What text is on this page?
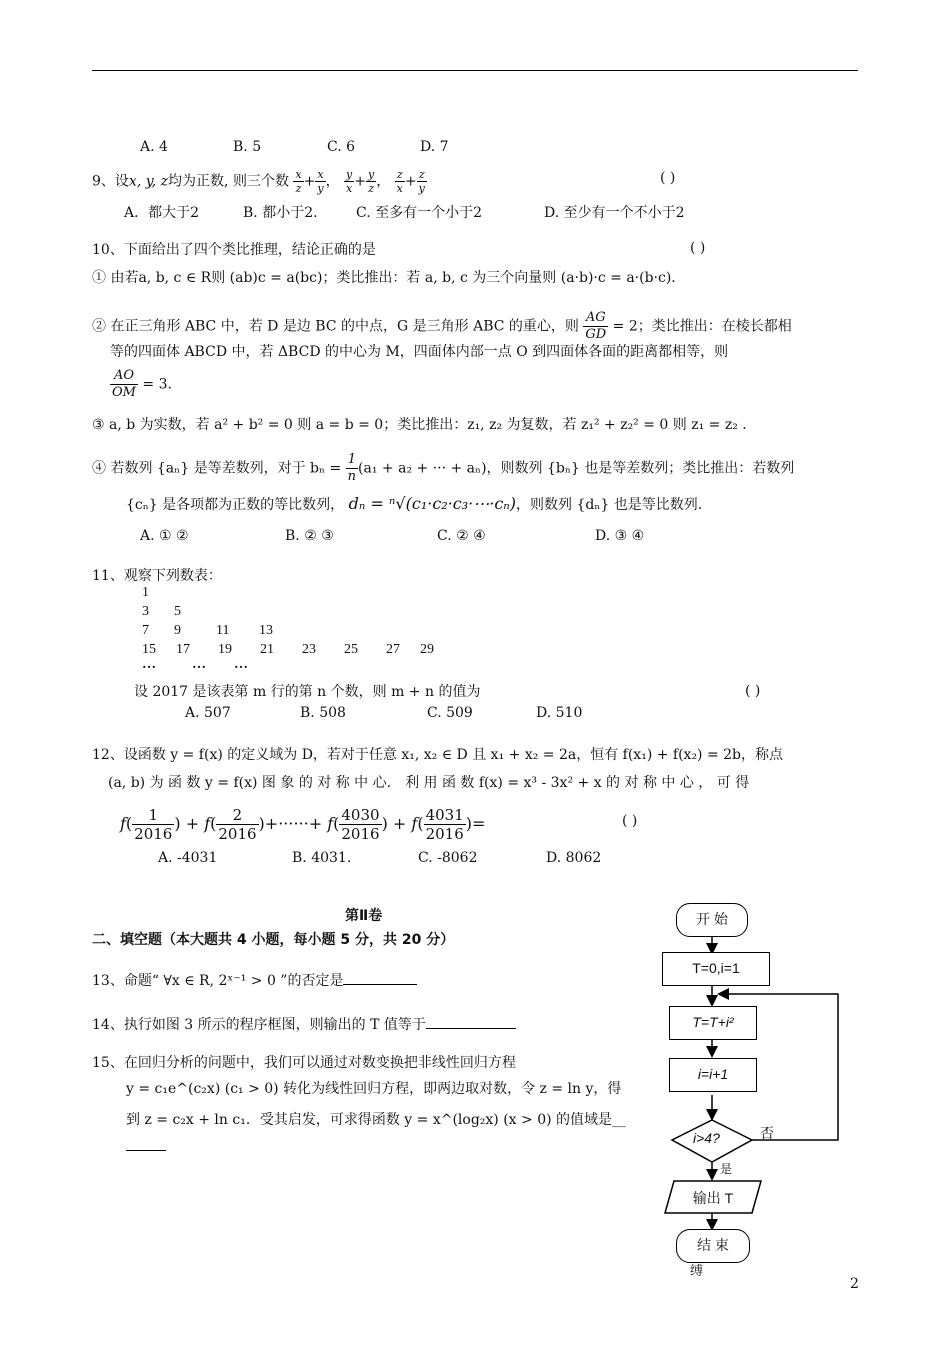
A. 4	B. 5	C. 6	D. 7
9、设x, y, z均为正数, 则三个数 $\frac{x}{z} + \frac{x}{y}$ ， $\frac{y}{x} + \frac{y}{z}$ ， $\frac{z}{x} + \frac{z}{y}$	( )
A．都大于2	B. 都小于2.	C. 至多有一个小于2	D. 至少有一个不小于2
10、下面给出了四个类比推理，结论正确的是	( )
① 由若a, b, c ∈ R则 (ab)c = a(bc)；类比推出：若 a, b, c 为三个向量则 (a·b)·c = a·(b·c)．
② 在正三角形 ABC 中，若 D 是边 BC 的中点，G 是三角形 ABC 的重心，则 $\frac{AG}{GD} = 2$；类比推出：在棱长都相
等的四面体 ABCD 中，若 ΔBCD 的中心为 M，四面体内部一点 O 到四面体各面的距离都相等，则
$\frac{AO}{OM} = 3$.
③ a, b 为实数，若 a² + b² = 0 则 a = b = 0；类比推出：z₁, z₂ 为复数，若 z₁² + z₂² = 0 则 z₁ = z₂ ．
④ 若数列 {aₙ} 是等差数列，对于 $b_n = \frac{1}{n} (a_1 + a_2$ + ··· + aₙ)，则数列 {bₙ} 也是等差数列；类比推出：若数列
{cₙ} 是各项都为正数的等比数列， dₙ = ⁿ√(c₁·c₂·c₃·⋯·cₙ)，则数列 {dₙ} 也是等比数列.
A. ① ②	B. ② ③	C. ② ④	D. ③ ④
11、观察下列数表：
1
3 5
7 9	11 13
15 17 19 21 23 25 27 29
…	… …
设 2017 是该表第 m 行的第 n 个数，则 m + n 的值为	( )
A. 507	B. 508	C. 509	D. 510
12、设函数 y = f(x) 的定义域为 D，若对于任意 x₁, x₂ ∈ D 且 x₁ + x₂ = 2a，恒有 f(x₁) + f(x₂) = 2b，称点
(a, b) 为 函 数 y = f(x) 图 象 的 对 称 中 心． 利 用 函 数 f(x) = x³ - 3x² + x 的 对 称 中 心 ， 可 得
$f( \frac{1}{2016}$ ) + $f( \frac{2}{2016}$ )+······+ $f( \frac{4030}{2016}$ ) + $f( \frac{4031}{2016}$ )=	( )
A. -4031	B. 4031.	C. -8062	D. 8062
第Ⅱ卷
二、填空题（本大题共 4 小题，每小题 5 分，共 20 分）
13、命题“ ∀x ∈ R, 2ˣ⁻¹ > 0 ”的否定是
14、执行如图 3 所示的程序框图，则输出的 T 值等于
15、在回归分析的问题中，我们可以通过对数变换把非线性回归方程
y = c₁e^(c₂x) (c₁ > 0) 转化为线性回归方程，即两边取对数，令 z = ln y，得
到 z = c₂x + ln c₁．受其启发，可求得函数 y = x^(log₂x) (x > 0) 的值域是__
开 始
T=0,i=1
T=T+i²
i=i+1
i>4?	否
是
输出 T
结 束
缚
2
